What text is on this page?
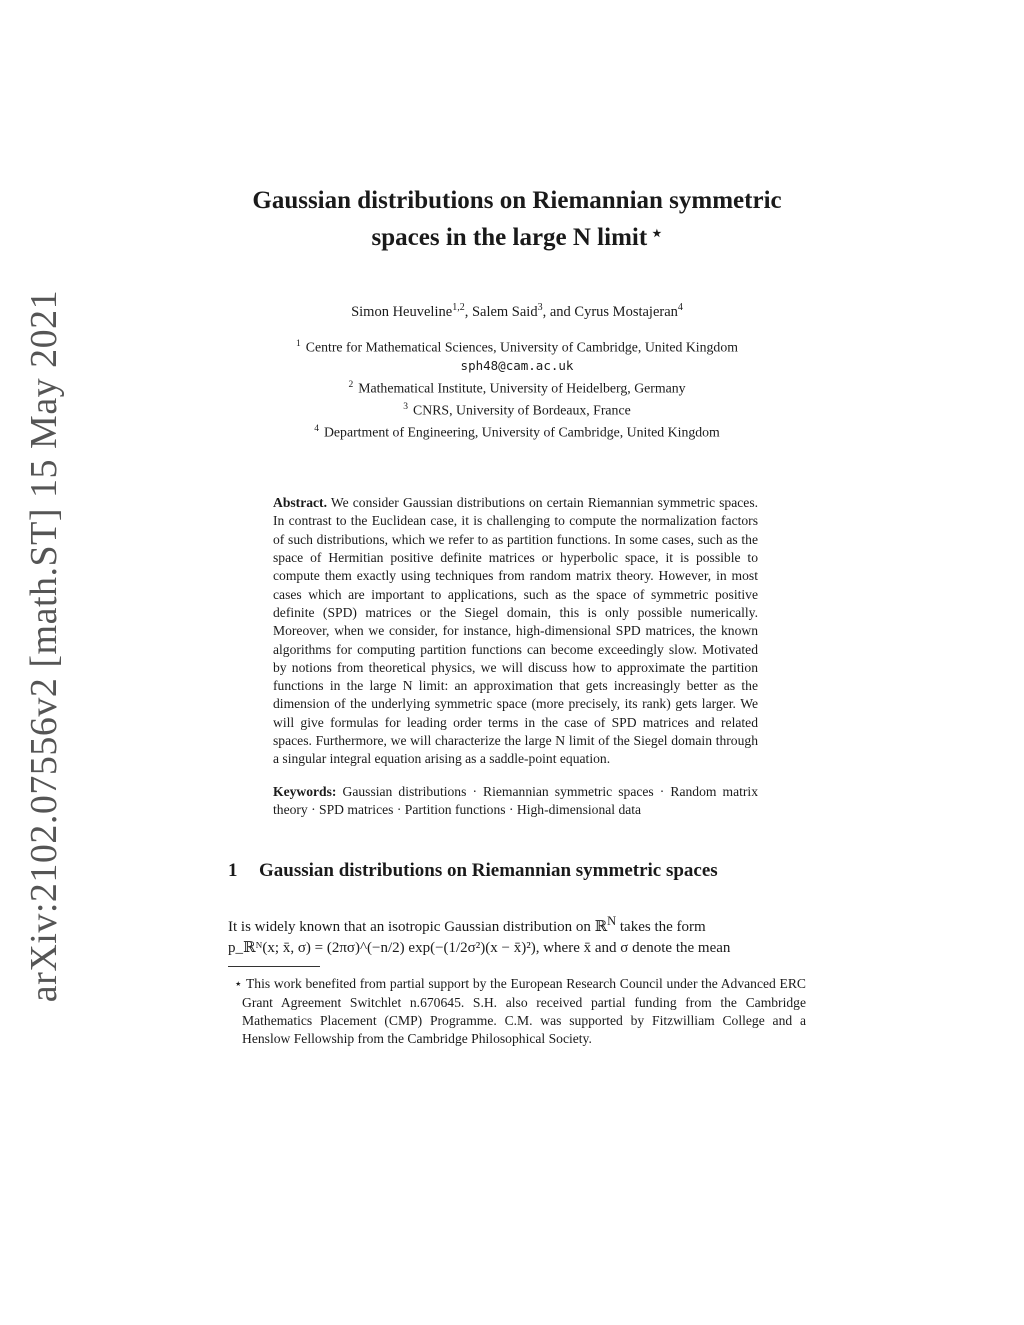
arXiv:2102.07556v2 [math.ST] 15 May 2021
Gaussian distributions on Riemannian symmetric
spaces in the large N limit ⋆
Simon Heuveline$^{1,2}$, Salem Said$^3$, and Cyrus Mostajeran$^4$
$^1$ Centre for Mathematical Sciences, University of Cambridge, United Kingdom
sph48@cam.ac.uk
$^2$ Mathematical Institute, University of Heidelberg, Germany
$^3$ CNRS, University of Bordeaux, France
$^4$ Department of Engineering, University of Cambridge, United Kingdom
Abstract. We consider Gaussian distributions on certain Riemannian symmetric spaces. In contrast to the Euclidean case, it is challenging to compute the normalization factors of such distributions, which we refer to as partition functions. In some cases, such as the space of Hermitian positive definite matrices or hyperbolic space, it is possible to compute them exactly using techniques from random matrix theory. However, in most cases which are important to applications, such as the space of symmetric positive definite (SPD) matrices or the Siegel domain, this is only possible numerically. Moreover, when we consider, for instance, high-dimensional SPD matrices, the known algorithms for computing partition functions can become exceedingly slow. Motivated by notions from theoretical physics, we will discuss how to approximate the partition functions in the large N limit: an approximation that gets increasingly better as the dimension of the underlying symmetric space (more precisely, its rank) gets larger. We will give formulas for leading order terms in the case of SPD matrices and related spaces. Furthermore, we will characterize the large N limit of the Siegel domain through a singular integral equation arising as a saddle-point equation.
Keywords: Gaussian distributions · Riemannian symmetric spaces · Random matrix theory · SPD matrices · Partition functions · High-dimensional data
1	Gaussian distributions on Riemannian symmetric spaces
It is widely known that an isotropic Gaussian distribution on ℝ$^N$ takes the form
p_ℝᴺ(x; x̄, σ) = (2πσ)^(−n/2) exp(−(1/2σ²)(x − x̄)²), where x̄ and σ denote the mean
⋆ This work benefited from partial support by the European Research Council under the Advanced ERC Grant Agreement Switchlet n.670645. S.H. also received partial funding from the Cambridge Mathematics Placement (CMP) Programme. C.M. was supported by Fitzwilliam College and a Henslow Fellowship from the Cambridge Philosophical Society.
